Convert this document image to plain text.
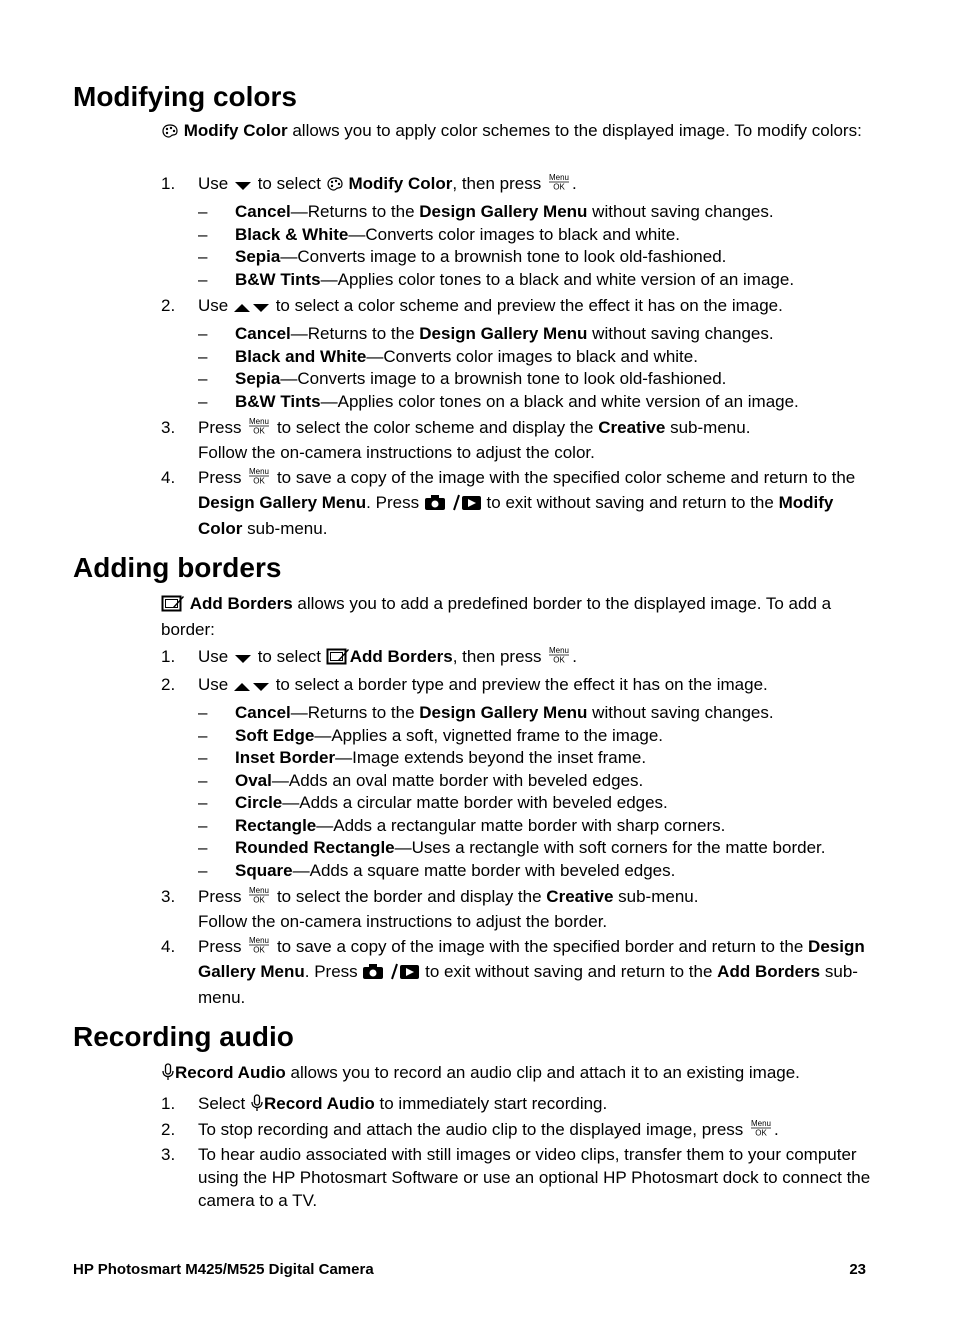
Modifying colors

Modify Color allows you to apply color schemes to the displayed image. To modify colors:

1.	Use to select Modify Color, then press Menu
OK .
– Cancel—Returns to the Design Gallery Menu without saving changes.
– Black & White—Converts color images to black and white.
– Sepia—Converts image to a brownish tone to look old-fashioned.
– B&W Tints—Applies color tones to a black and white version of an image.
2.	Use	to select a color scheme and preview the effect it has on the image.
– Cancel—Returns to the Design Gallery Menu without saving changes.
– Black and White—Converts color images to black and white.
– Sepia—Converts image to a brownish tone to look old-fashioned.
– B&W Tints—Applies color tones on a black and white version of an image.
3.	Press Menu
OK to select the color scheme and display the Creative sub-menu.
Follow the on-camera instructions to adjust the color.
4.	Press Menu
OK to save a copy of the image with the specified color scheme and return to the Design Gallery Menu. Press	to exit without saving and return to the Modify Color sub-menu.
Adding borders

Add Borders allows you to add a predefined border to the displayed image. To add a border:

1.	Use to select Add Borders, then press Menu
OK .
2.	Use	to select a border type and preview the effect it has on the image.
– Cancel—Returns to the Design Gallery Menu without saving changes.
– Soft Edge—Applies a soft, vignetted frame to the image.
– Inset Border—Image extends beyond the inset frame.
– Oval—Adds an oval matte border with beveled edges.
– Circle—Adds a circular matte border with beveled edges.
– Rectangle—Adds a rectangular matte border with sharp corners.
– Rounded Rectangle—Uses a rectangle with soft corners for the matte border.
– Square—Adds a square matte border with beveled edges.
3.	Press Menu
OK to select the border and display the Creative sub-menu.
Follow the on-camera instructions to adjust the border.
4.	Press Menu
OK to save a copy of the image with the specified border and return to the Design Gallery Menu. Press	to exit without saving and return to the Add Borders sub-menu.
Recording audio

Record Audio allows you to record an audio clip and attach it to an existing image.

1.	Select Record Audio to immediately start recording.
2.	To stop recording and attach the audio clip to the displayed image, press Menu
OK .
3.	To hear audio associated with still images or video clips, transfer them to your computer using the HP Photosmart Software or use an optional HP Photosmart dock to connect the camera to a TV.
HP Photosmart M425/M525 Digital Camera	23
